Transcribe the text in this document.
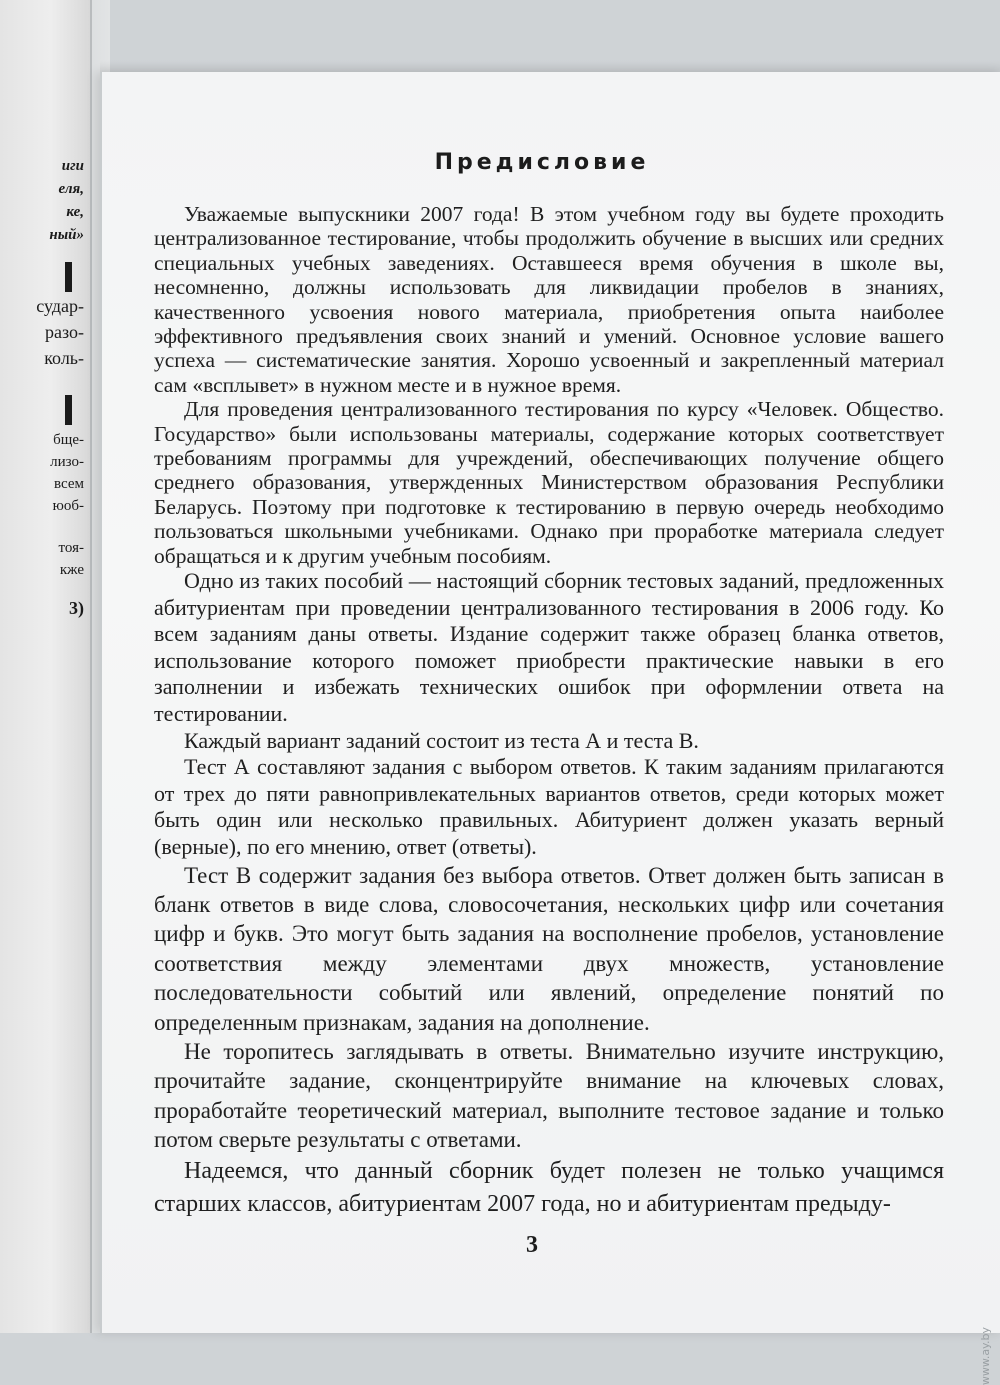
иги
еля,
ке,
ный»
судар-
разо-
коль-
бще-
лизо-
всем
юоб-
тоя-
кже
3)
Предисловие

Уважаемые выпускники 2007 года! В этом учебном году вы будете проходить централизованное тестирование, чтобы продолжить обучение в высших или средних специальных учебных заведениях. Оставшееся время обучения в школе вы, несомненно, должны использовать для ликвидации пробелов в знаниях, качественного усвоения нового материала, приобретения опыта наиболее эффективного предъявления своих знаний и умений. Основное условие вашего успеха — систематические занятия. Хорошо усвоенный и закрепленный материал сам «всплывет» в нужном месте и в нужное время.

Для проведения централизованного тестирования по курсу «Человек. Общество. Государство» были использованы материалы, содержание которых соответствует требованиям программы для учреждений, обеспечивающих получение общего среднего образования, утвержденных Министерством образования Республики Беларусь. Поэтому при подготовке к тестированию в первую очередь необходимо пользоваться школьными учебниками. Однако при проработке материала следует обращаться и к другим учебным пособиям.

Одно из таких пособий — настоящий сборник тестовых заданий, предложенных абитуриентам при проведении централизованного тестирования в 2006 году. Ко всем заданиям даны ответы. Издание содержит также образец бланка ответов, использование которого поможет приобрести практические навыки в его заполнении и избежать технических ошибок при оформлении ответа на тестировании.

Каждый вариант заданий состоит из теста А и теста В.

Тест А составляют задания с выбором ответов. К таким заданиям прилагаются от трех до пяти равнопривлекательных вариантов ответов, среди которых может быть один или несколько правильных. Абитуриент должен указать верный (верные), по его мнению, ответ (ответы).

Тест В содержит задания без выбора ответов. Ответ должен быть записан в бланк ответов в виде слова, словосочетания, нескольких цифр или сочетания цифр и букв. Это могут быть задания на восполнение пробелов, установление соответствия между элементами двух множеств, установление последовательности событий или явлений, определение понятий по определенным признакам, задания на дополнение.

Не торопитесь заглядывать в ответы. Внимательно изучите инструкцию, прочитайте задание, сконцентрируйте внимание на ключевых словах, проработайте теоретический материал, выполните тестовое задание и только потом сверьте результаты с ответами.

Надеемся, что данный сборник будет полезен не только учащимся старших классов, абитуриентам 2007 года, но и абитуриентам предыду-

3
www.ay.by
